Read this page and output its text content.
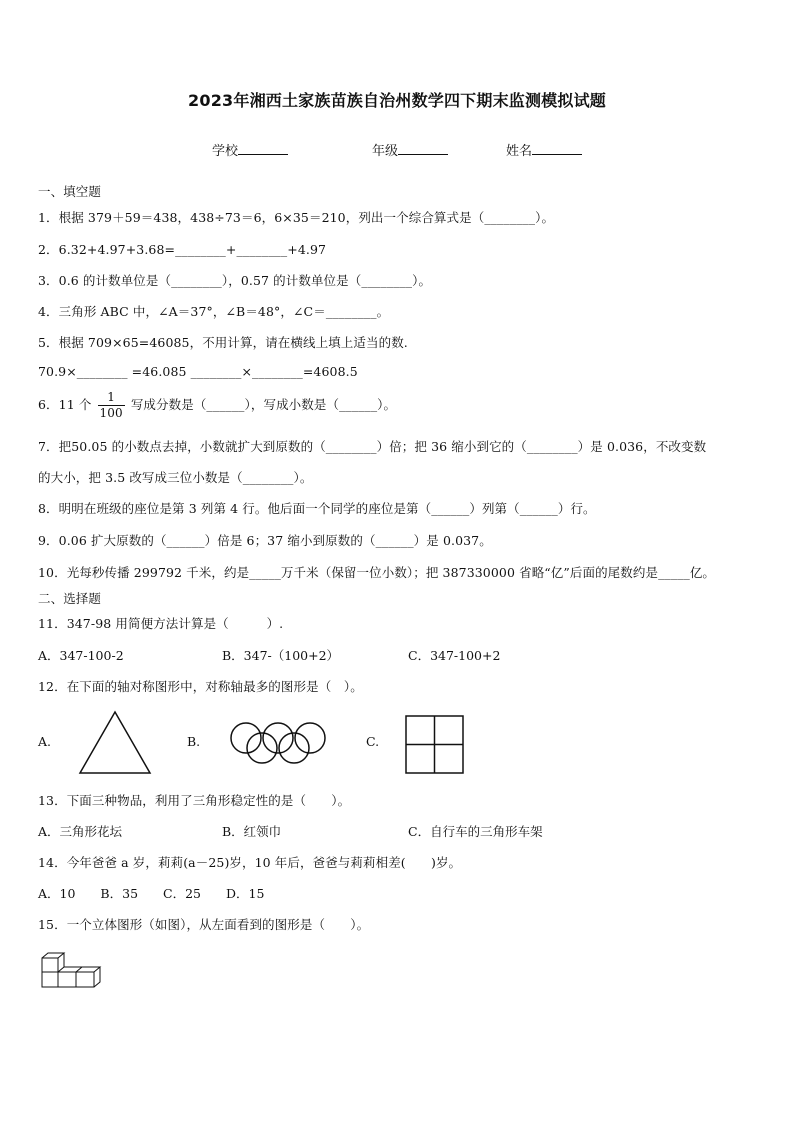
2023年湘西土家族苗族自治州数学四下期末监测模拟试题
学校	年级	姓名
一、填空题
1．根据 379＋59＝438，438÷73＝6，6×35＝210，列出一个综合算式是（________）。
2．6.32+4.97+3.68=________+________+4.97
3．0.6 的计数单位是（________），0.57 的计数单位是（________）。
4．三角形 ABC 中，∠A＝37°，∠B＝48°，∠C＝________。
5．根据 709×65=46085，不用计算，请在横线上填上适当的数.
70.9×________ =46.085 ________×________=4608.5
6．11 个 $\frac{1}{100}$ 写成分数是（______），写成小数是（______）。
7．把50.05 的小数点去掉，小数就扩大到原数的（________）倍；把 36 缩小到它的（________）是 0.036，不改变数
的大小，把 3.5 改写成三位小数是（________）。
8．明明在班级的座位是第 3 列第 4 行。他后面一个同学的座位是第（______）列第（______）行。
9．0.06 扩大原数的（______）倍是 6；37 缩小到原数的（______）是 0.037。
10．光每秒传播 299792 千米，约是_____万千米（保留一位小数）；把 387330000 省略“亿”后面的尾数约是_____亿。
二、选择题
11．347-98 用简便方法计算是（　　　）.
A．347-100-2	B．347-（100+2）	C．347-100+2
12．在下面的轴对称图形中，对称轴最多的图形是（　）。
A.	B.	C.
13．下面三种物品，利用了三角形稳定性的是（　　）。
A．三角形花坛	B．红领巾	C．自行车的三角形车架
14．今年爸爸 a 岁，莉莉(a－25)岁，10 年后，爸爸与莉莉相差(　　)岁。
A．10　　B．35　　C．25　　D．15
15．一个立体图形（如图），从左面看到的图形是（　　）。
